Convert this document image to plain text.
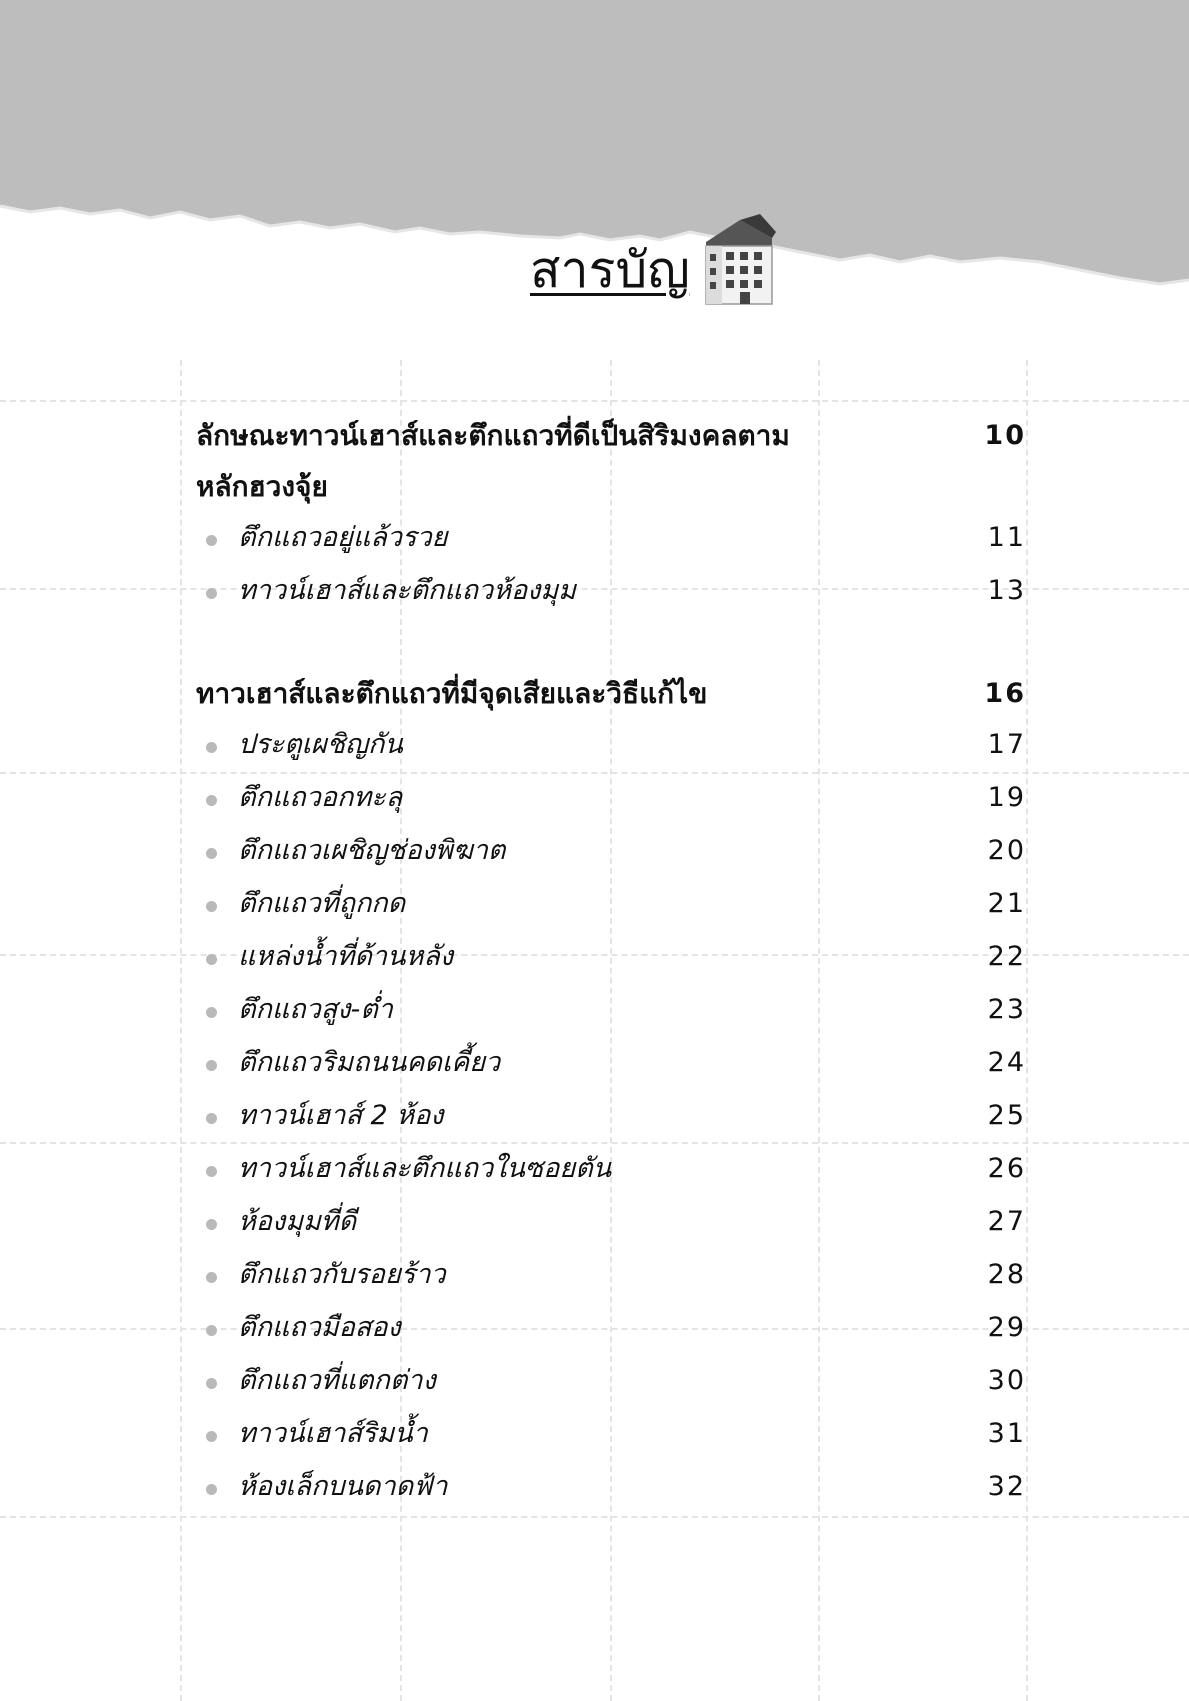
สารบัญ
ลักษณะทาวน์เฮาส์และตึกแถวที่ดีเป็นสิริมงคลตามหลักฮวงจุ้ย
10
ตึกแถวอยู่แล้วรวย	11
ทาวน์เฮาส์และตึกแถวห้องมุม	13
ทาวเฮาส์และตึกแถวที่มีจุดเสียและวิธีแก้ไข	16
ประตูเผชิญกัน	17
ตึกแถวอกทะลุ	19
ตึกแถวเผชิญช่องพิฆาต	20
ตึกแถวที่ถูกกด	21
แหล่งน้ำที่ด้านหลัง	22
ตึกแถวสูง-ต่ำ	23
ตึกแถวริมถนนคดเคี้ยว	24
ทาวน์เฮาส์ 2 ห้อง	25
ทาวน์เฮาส์และตึกแถวในซอยตัน	26
ห้องมุมที่ดี	27
ตึกแถวกับรอยร้าว	28
ตึกแถวมือสอง	29
ตึกแถวที่แตกต่าง	30
ทาวน์เฮาส์ริมน้ำ	31
ห้องเล็กบนดาดฟ้า	32
